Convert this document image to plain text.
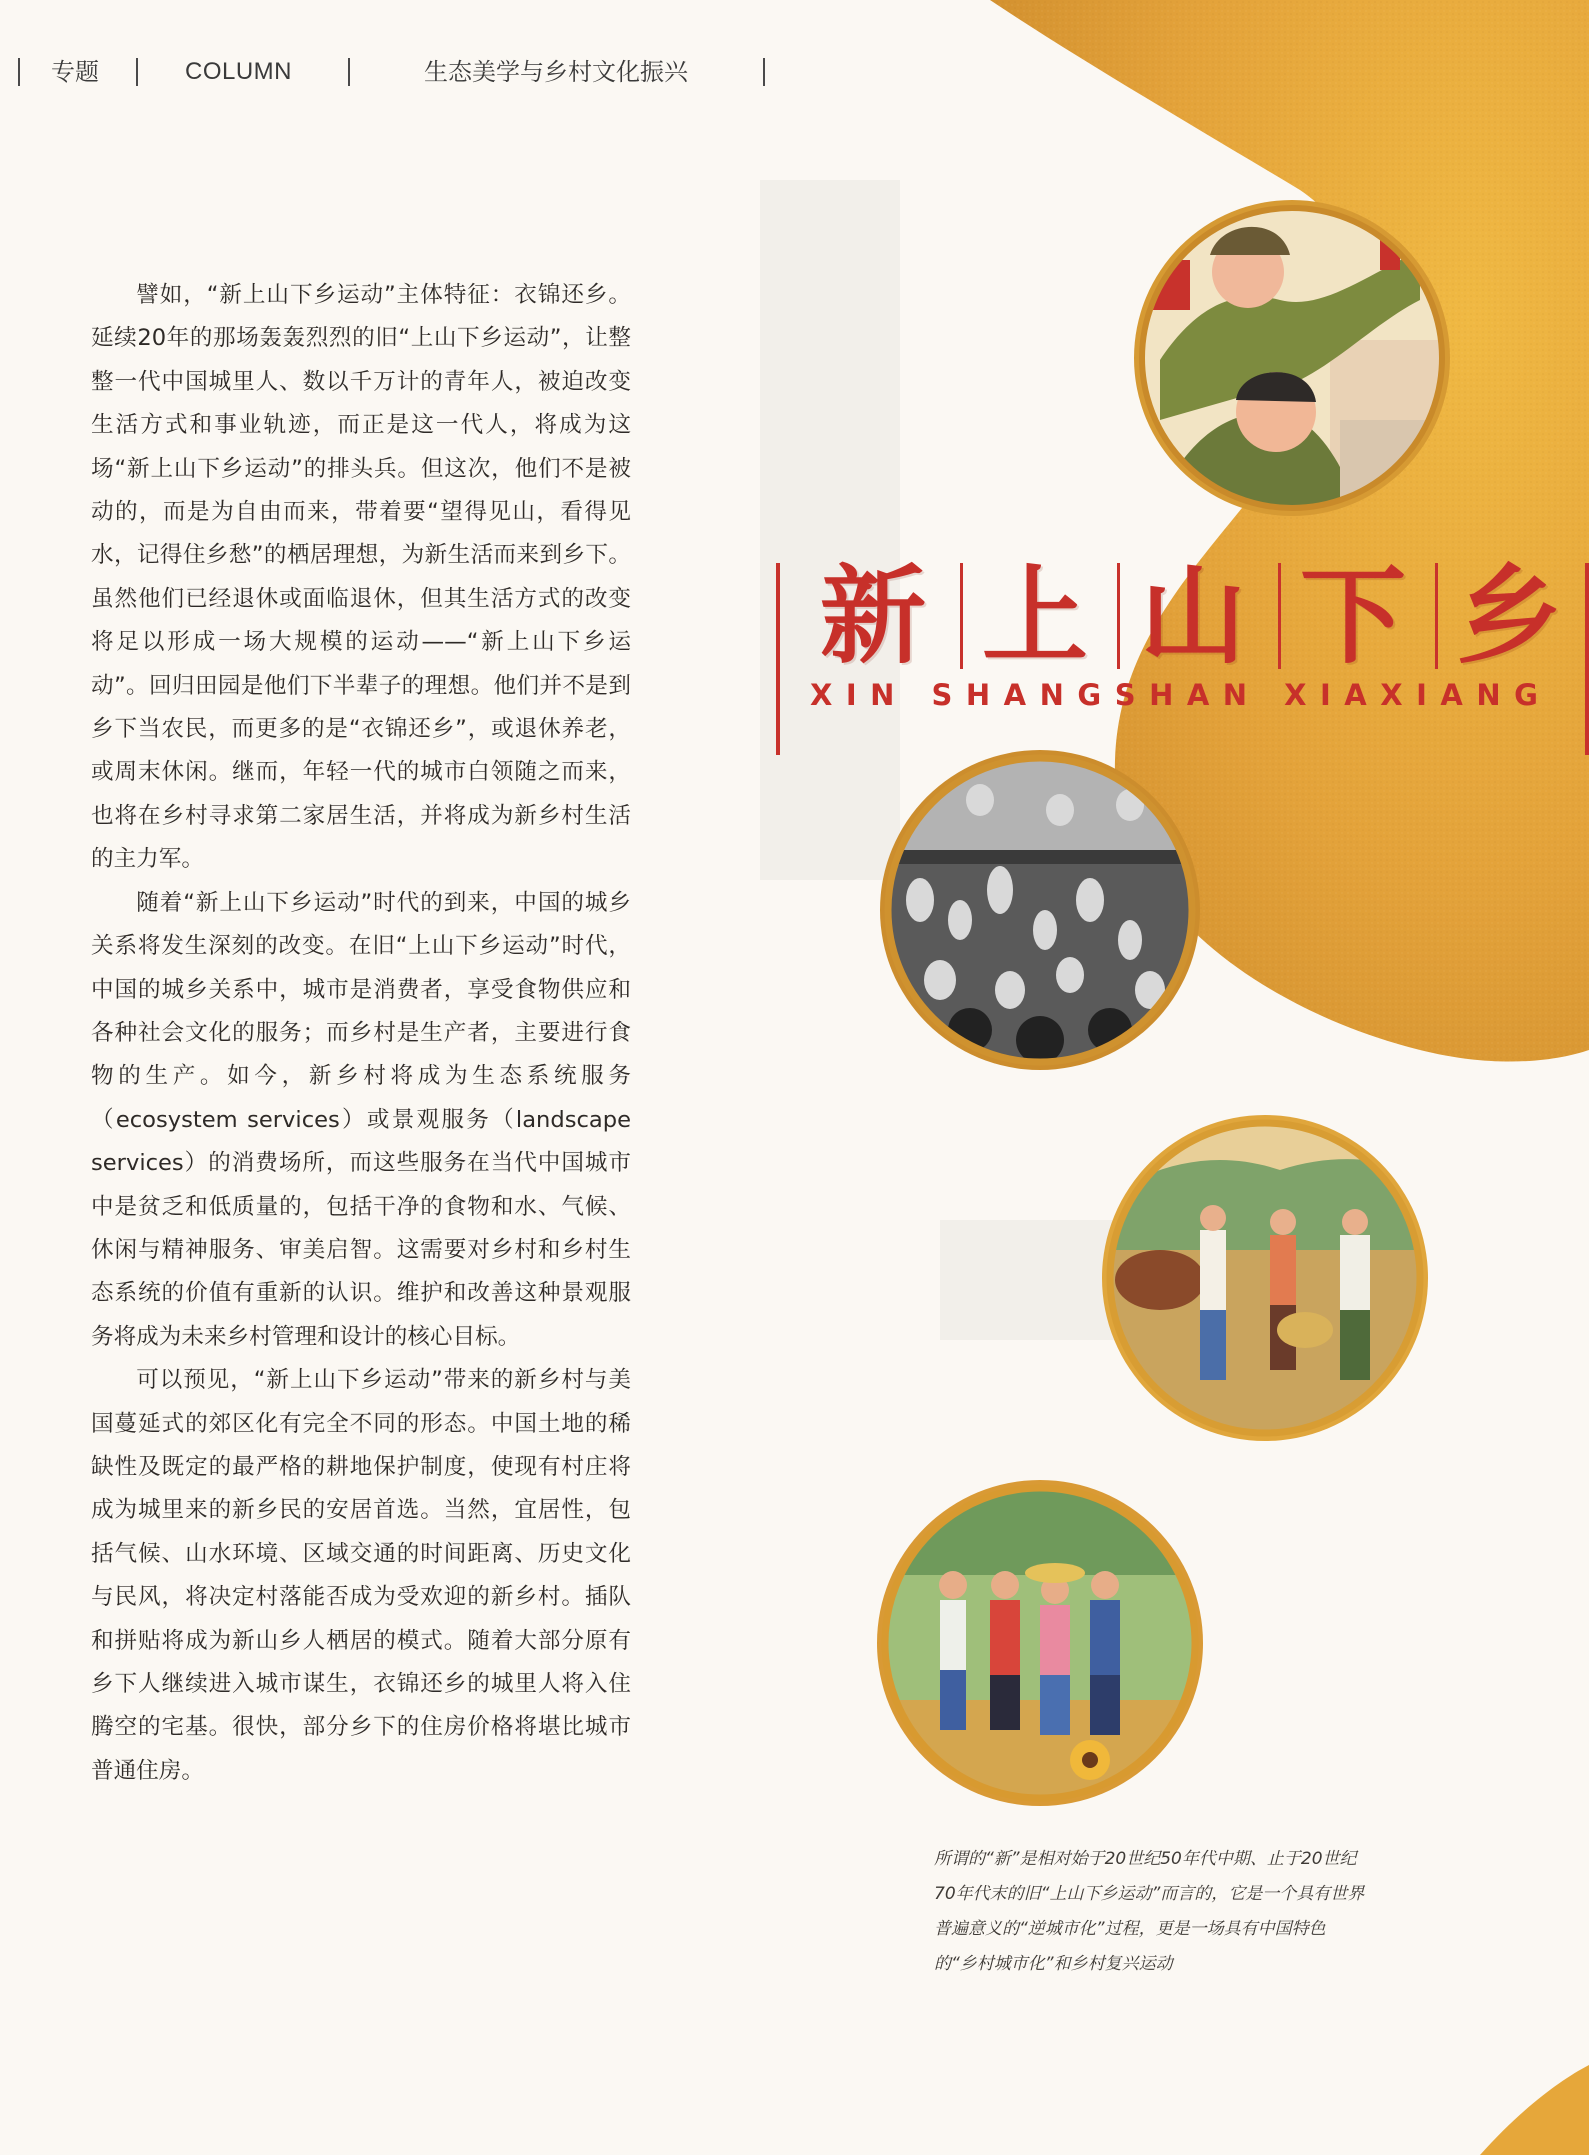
专题	COLUMN	生态美学与乡村文化振兴

譬如，“新上山下乡运动”主体特征：衣锦还乡。延续20年的那场轰轰烈烈的旧“上山下乡运动”，让整整一代中国城里人、数以千万计的青年人，被迫改变生活方式和事业轨迹，而正是这一代人，将成为这场“新上山下乡运动”的排头兵。但这次，他们不是被动的，而是为自由而来，带着要“望得见山，看得见水，记得住乡愁”的栖居理想，为新生活而来到乡下。虽然他们已经退休或面临退休，但其生活方式的改变将足以形成一场大规模的运动——“新上山下乡运动”。回归田园是他们下半辈子的理想。他们并不是到乡下当农民，而更多的是“衣锦还乡”，或退休养老，或周末休闲。继而，年轻一代的城市白领随之而来，也将在乡村寻求第二家居生活，并将成为新乡村生活的主力军。

随着“新上山下乡运动”时代的到来，中国的城乡关系将发生深刻的改变。在旧“上山下乡运动”时代，中国的城乡关系中，城市是消费者，享受食物供应和各种社会文化的服务；而乡村是生产者，主要进行食物的生产。如今，新乡村将成为生态系统服务（ecosystem services）或景观服务（landscape services）的消费场所，而这些服务在当代中国城市中是贫乏和低质量的，包括干净的食物和水、气候、休闲与精神服务、审美启智。这需要对乡村和乡村生态系统的价值有重新的认识。维护和改善这种景观服务将成为未来乡村管理和设计的核心目标。

可以预见，“新上山下乡运动”带来的新乡村与美国蔓延式的郊区化有完全不同的形态。中国土地的稀缺性及既定的最严格的耕地保护制度，使现有村庄将成为城里来的新乡民的安居首选。当然，宜居性，包括气候、山水环境、区域交通的时间距离、历史文化与民风，将决定村落能否成为受欢迎的新乡村。插队和拼贴将成为新山乡人栖居的模式。随着大部分原有乡下人继续进入城市谋生，衣锦还乡的城里人将入住腾空的宅基。很快，部分乡下的住房价格将堪比城市普通住房。

新 上 山 下 乡
XIN SHANGSHAN XIAXIANG
所谓的“新”是相对始于20世纪50年代中期、止于20世纪70年代末的旧“上山下乡运动”而言的，它是一个具有世界普遍意义的“逆城市化”过程，更是一场具有中国特色的“乡村城市化”和乡村复兴运动
